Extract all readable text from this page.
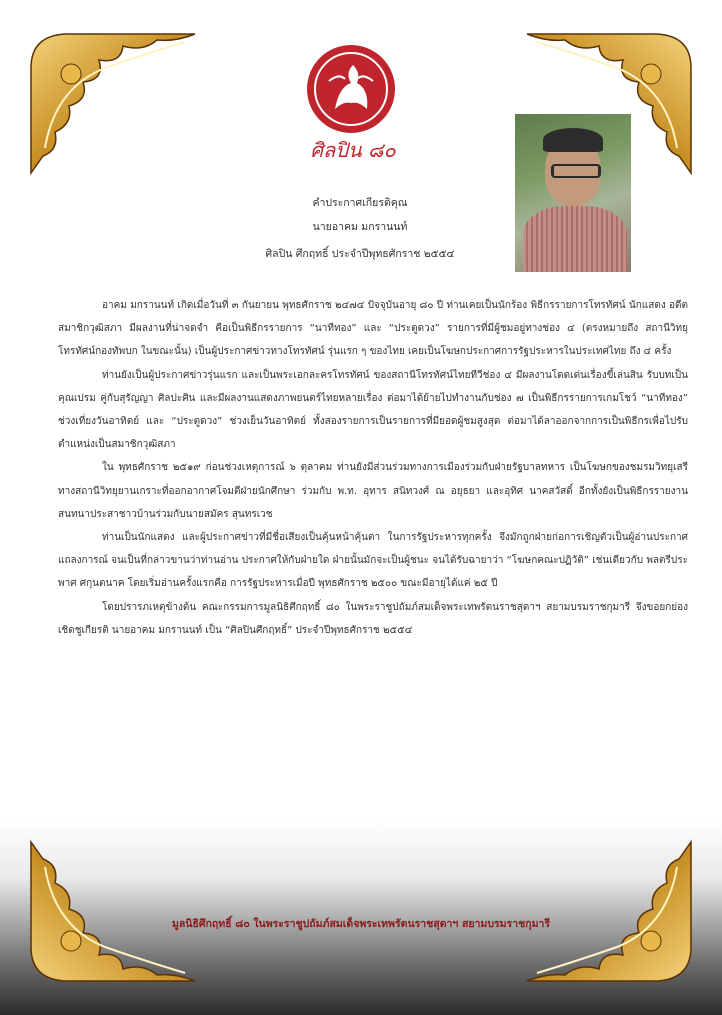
ศิลปิน ๘๐
คำประกาศเกียรติคุณ
นายอาคม มกรานนท์
ศิลปิน ศึกฤทธิ์ ประจำปีพุทธศักราช ๒๕๕๔

อาคม มกรานนท์ เกิดเมื่อวันที่ ๓ กันยายน พุทธศักราช ๒๔๗๔ ปัจจุบันอายุ ๘๐ ปี ท่านเคยเป็นนักร้อง พิธีกรรายการโทรทัศน์ นักแสดง อดีตสมาชิกวุฒิสภา มีผลงานที่น่าจดจำ คือเป็นพิธีกรรายการ “นาทีทอง” และ “ประตูดวง” รายการที่มีผู้ชมอยู่ทางช่อง ๔ (ตรงหมายถึง สถานีวิทยุโทรทัศน์กองทัพบก ในขณะนั้น) เป็นผู้ประกาศข่าวทางโทรทัศน์ รุ่นแรก ๆ ของไทย เคยเป็นโฆษกประกาศการรัฐประหารในประเทศไทย ถึง ๔ ครั้ง

ท่านยังเป็นผู้ประกาศข่าวรุ่นแรก และเป็นพระเอกละครโทรทัศน์ ของสถานีโทรทัศน์ไทยทีวีช่อง ๔ มีผลงานโดดเด่นเรื่องขี้เล่นสิน รับบทเป็นคุณเปรม คู่กับสุรัญญา ศิลปะศิน และมีผลงานแสดงภาพยนตร์ไทยหลายเรื่อง ต่อมาได้ย้ายไปทำงานกับช่อง ๗ เป็นพิธีกรรายการเกมโชว์ “นาทีทอง” ช่วงเที่ยงวันอาทิตย์ และ “ประตูดวง” ช่วงเย็นวันอาทิตย์ ทั้งสองรายการเป็นรายการที่มียอดผู้ชมสูงสุด ต่อมาได้ลาออกจากการเป็นพิธีกรเพื่อไปรับตำแหน่งเป็นสมาชิกวุฒิสภา

ใน พุทธศักราช ๒๕๑๙ ก่อนช่วงเหตุการณ์ ๖ ตุลาคม ท่านยังมีส่วนร่วมทางการเมืองร่วมกับฝ่ายรัฐบาลทหาร เป็นโฆษกของชมรมวิทยุเสรีทางสถานีวิทยุยานเกราะที่ออกอากาศโจมตีฝ่ายนักศึกษา ร่วมกับ พ.ท. อุทาร สนิทวงศ์ ณ อยุธยา และอุทิศ นาคสวัสดิ์ อีกทั้งยังเป็นพิธีกรรายงานสนทนาประสาชาวบ้านร่วมกับนายสมัคร สุนทรเวช

ท่านเป็นนักแสดง และผู้ประกาศข่าวที่มีชื่อเสียงเป็นคุ้นหน้าคุ้นตา ในการรัฐประหารทุกครั้ง จึงมักถูกฝ่ายก่อการเชิญตัวเป็นผู้อ่านประกาศแถลงการณ์ จนเป็นที่กล่าวขานว่าท่านอ่าน ประกาศให้กับฝ่ายใด ฝ่ายนั้นมักจะเป็นผู้ชนะ จนได้รับฉายาว่า “โฆษกคณะปฏิวัติ” เช่นเดียวกับ พลตรีประพาศ ศกุนตนาค โดยเริ่มอ่านครั้งแรกคือ การรัฐประหารเมื่อปี พุทธศักราช ๒๕๐๐ ขณะมีอายุได้แค่ ๒๕ ปี

โดยปรารภเหตุข้างต้น คณะกรรมการมูลนิธิศึกฤทธิ์ ๘๐ ในพระราชูปถัมภ์สมเด็จพระเทพรัตนราชสุดาฯ สยามบรมราชกุมารี จึงขอยกย่องเชิดชูเกียรติ นายอาคม มกรานนท์ เป็น “ศิลปินศึกฤทธิ์” ประจำปีพุทธศักราช ๒๕๕๔

มูลนิธิศึกฤทธิ์ ๘๐ ในพระราชูปถัมภ์สมเด็จพระเทพรัตนราชสุดาฯ สยามบรมราชกุมารี
